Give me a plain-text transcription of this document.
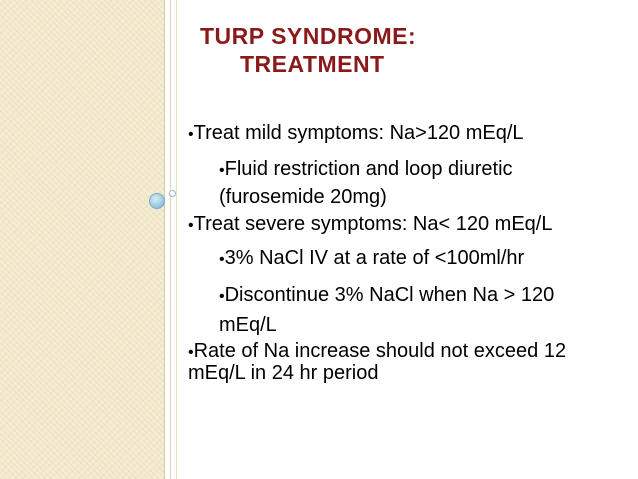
TURP SYNDROME:
TREATMENT
•Treat mild symptoms: Na>120 mEq/L
•Fluid restriction and loop diuretic (furosemide 20mg)
•Treat severe symptoms: Na< 120 mEq/L
•3% NaCl IV at a rate of <100ml/hr
•Discontinue 3% NaCl when Na > 120 mEq/L
•Rate of Na increase should not exceed 12 mEq/L in 24 hr period
